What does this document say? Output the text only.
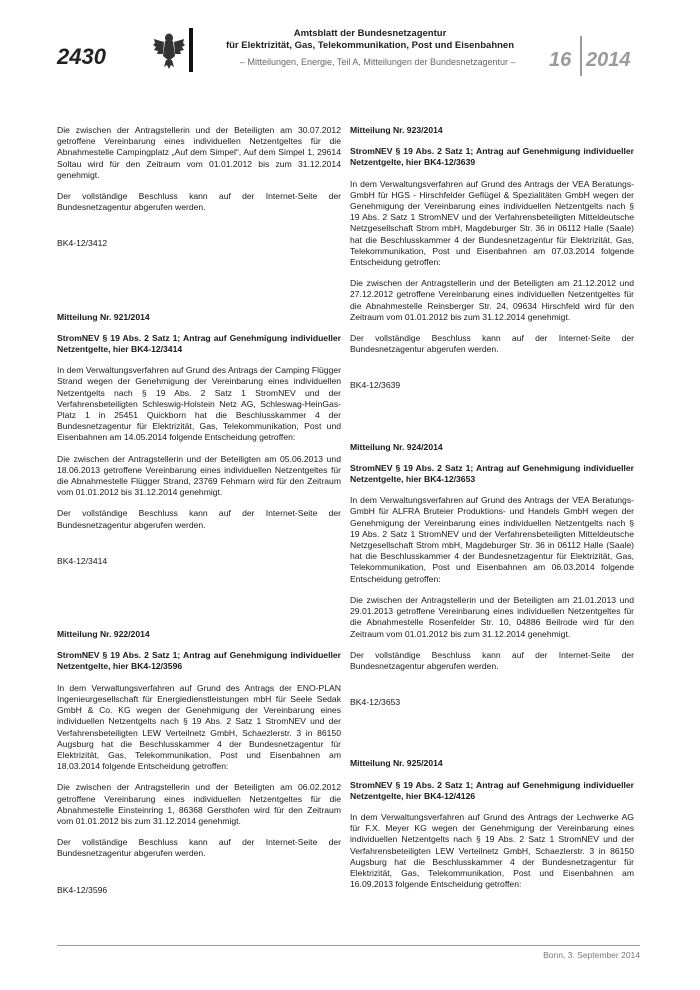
2430
Amtsblatt der Bundesnetzagentur
für Elektrizität, Gas, Telekommunikation, Post und Eisenbahnen
– Mitteilungen, Energie, Teil A, Mitteilungen der Bundesnetzagentur – 16 2014

Die zwischen der Antragstellerin und der Beteiligten am 30.07.2012 getroffene Vereinbarung eines individuellen Netzentgeltes für die Abnahmestelle Campingplatz „Auf dem Simpel“, Auf dem Simpel 1, 29614 Soltau wird für den Zeitraum vom 01.01.2012 bis zum 31.12.2014 genehmigt.

Der vollständige Beschluss kann auf der Internet-Seite der Bundesnetzagentur abgerufen werden.

BK4-12/3412

Mitteilung Nr. 921/2014

StromNEV § 19 Abs. 2 Satz 1; Antrag auf Genehmigung individueller Netzentgelte, hier BK4-12/3414

In dem Verwaltungsverfahren auf Grund des Antrags der Camping Flügger Strand wegen der Genehmigung der Vereinbarung eines individuellen Netzentgelts nach § 19 Abs. 2 Satz 1 StromNEV und der Verfahrensbeteiligten Schleswig-Holstein Netz AG, Schleswag-HeinGas-Platz 1 in 25451 Quickborn hat die Beschlusskammer 4 der Bundesnetzagentur für Elektrizität, Gas, Telekommunikation, Post und Eisenbahnen am 14.05.2014 folgende Entscheidung getroffen:

Die zwischen der Antragstellerin und der Beteiligten am 05.06.2013 und 18.06.2013 getroffene Vereinbarung eines individuellen Netzentgeltes für die Abnahmestelle Flügger Strand, 23769 Fehmarn wird für den Zeitraum vom 01.01.2012 bis 31.12.2014 genehmigt.

Der vollständige Beschluss kann auf der Internet-Seite der Bundesnetzagentur abgerufen werden.

BK4-12/3414

Mitteilung Nr. 922/2014

StromNEV § 19 Abs. 2 Satz 1; Antrag auf Genehmigung individueller Netzentgelte, hier BK4-12/3596

In dem Verwaltungsverfahren auf Grund des Antrags der ENO-PLAN Ingenieurgesellschaft für Energiedienstleistungen mbH für Seele Sedak GmbH & Co. KG wegen der Genehmigung der Vereinbarung eines individuellen Netzentgelts nach § 19 Abs. 2 Satz 1 StromNEV und der Verfahrensbeteiligten LEW Verteilnetz GmbH, Schaezlerstr. 3 in 86150 Augsburg hat die Beschlusskammer 4 der Bundesnetzagentur für Elektrizität, Gas, Telekommunikation, Post und Eisenbahnen am 18.03.2014 folgende Entscheidung getroffen:

Die zwischen der Antragstellerin und der Beteiligten am 06.02.2012 getroffene Vereinbarung eines individuellen Netzentgeltes für die Abnahmestelle Einsteinring 1, 86368 Gersthofen wird für den Zeitraum vom 01.01.2012 bis zum 31.12.2014 genehmigt.

Der vollständige Beschluss kann auf der Internet-Seite der Bundesnetzagentur abgerufen werden.

BK4-12/3596

Mitteilung Nr. 923/2014

StromNEV § 19 Abs. 2 Satz 1; Antrag auf Genehmigung individueller Netzentgelte, hier BK4-12/3639

In dem Verwaltungsverfahren auf Grund des Antrags der VEA Beratungs-GmbH für HGS - Hirschfelder Geflügel & Spezialitäten GmbH wegen der Genehmigung der Vereinbarung eines individuellen Netzentgelts nach § 19 Abs. 2 Satz 1 StromNEV und der Verfahrensbeteiligten Mitteldeutsche Netzgesellschaft Strom mbH, Magdeburger Str. 36 in 06112 Halle (Saale) hat die Beschlusskammer 4 der Bundesnetzagentur für Elektrizität, Gas, Telekommunikation, Post und Eisenbahnen am 07.03.2014 folgende Entscheidung getroffen:

Die zwischen der Antragstellerin und der Beteiligten am 21.12.2012 und 27.12.2012 getroffene Vereinbarung eines individuellen Netzentgeltes für die Abnahmestelle Reinsberger Str. 24, 09634 Hirschfeld wird für den Zeitraum vom 01.01.2012 bis zum 31.12.2014 genehmigt.

Der vollständige Beschluss kann auf der Internet-Seite der Bundesnetzagentur abgerufen werden.

BK4-12/3639

Mitteilung Nr. 924/2014

StromNEV § 19 Abs. 2 Satz 1; Antrag auf Genehmigung individueller Netzentgelte, hier BK4-12/3653

In dem Verwaltungsverfahren auf Grund des Antrags der VEA Beratungs-GmbH für ALFRA Bruteier Produktions- und Handels GmbH wegen der Genehmigung der Vereinbarung eines individuellen Netzentgelts nach § 19 Abs. 2 Satz 1 StromNEV und der Verfahrensbeteiligten Mitteldeutsche Netzgesellschaft Strom mbH, Magdeburger Str. 36 in 06112 Halle (Saale) hat die Beschlusskammer 4 der Bundesnetzagentur für Elektrizität, Gas, Telekommunikation, Post und Eisenbahnen am 06.03.2014 folgende Entscheidung getroffen:

Die zwischen der Antragstellerin und der Beteiligten am 21.01.2013 und 29.01.2013 getroffene Vereinbarung eines individuellen Netzentgeltes für die Abnahmestelle Rosenfelder Str. 10, 04886 Beilrode wird für den Zeitraum vom 01.01.2012 bis zum 31.12.2014 genehmigt.

Der vollständige Beschluss kann auf der Internet-Seite der Bundesnetzagentur abgerufen werden.

BK4-12/3653

Mitteilung Nr. 925/2014

StromNEV § 19 Abs. 2 Satz 1; Antrag auf Genehmigung individueller Netzentgelte, hier BK4-12/4126

In dem Verwaltungsverfahren auf Grund des Antrags der Lechwerke AG für F.X. Meyer KG wegen der Genehmigung der Vereinbarung eines individuellen Netzentgelts nach § 19 Abs. 2 Satz 1 StromNEV und der Verfahrensbeteiligten LEW Verteilnetz GmbH, Schaezlerstr. 3 in 86150 Augsburg hat die Beschlusskammer 4 der Bundesnetzagentur für Elektrizität, Gas, Telekommunikation, Post und Eisenbahnen am 16.09.2013 folgende Entscheidung getroffen:

Bonn, 3. September 2014
